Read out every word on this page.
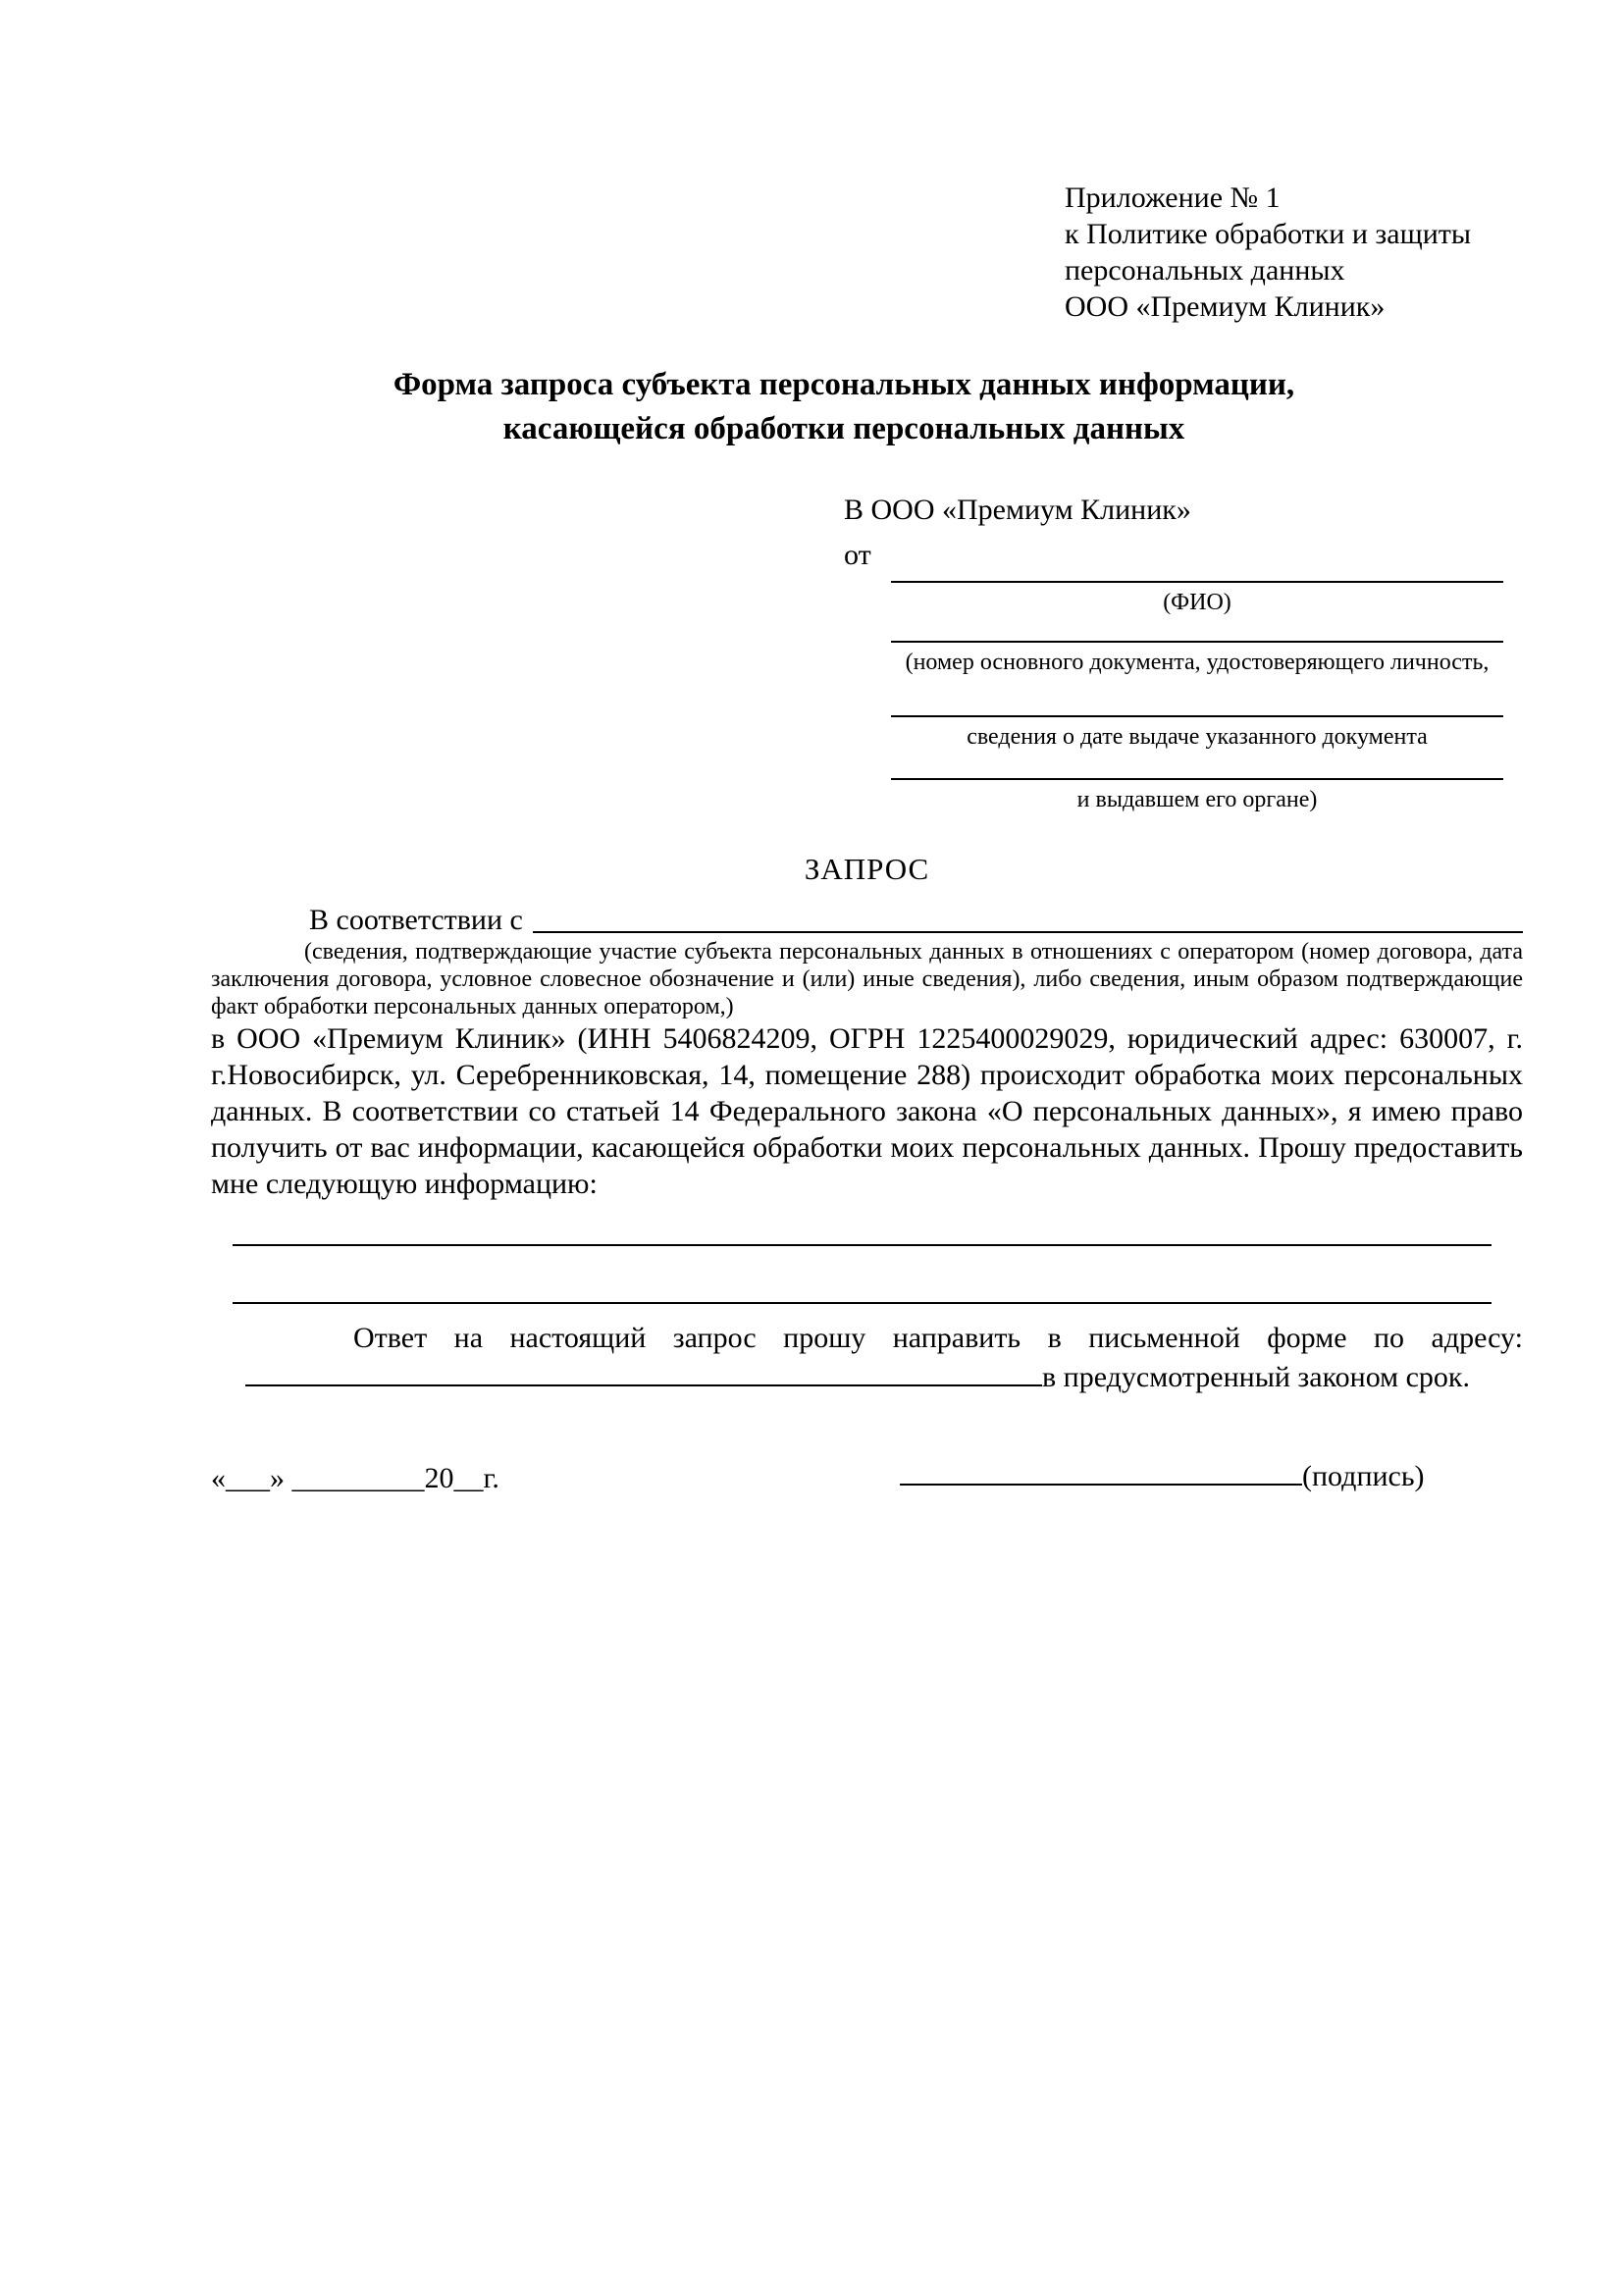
Приложение № 1
к Политике обработки и защиты
персональных данных
ООО «Премиум Клиник»
Форма запроса субъекта персональных данных информации,
касающейся обработки персональных данных
В ООО «Премиум Клиник»
от
(ФИО)
(номер основного документа, удостоверяющего личность,
сведения о дате выдаче указанного документа
и выдавшем его органе)
ЗАПРОС
В соответствии с
(сведения, подтверждающие участие субъекта персональных данных в отношениях с оператором (номер договора, дата заключения договора, условное словесное обозначение и (или) иные сведения), либо сведения, иным образом подтверждающие факт обработки персональных данных оператором,)
в ООО «Премиум Клиник» (ИНН 5406824209, ОГРН 1225400029029, юридический адрес: 630007, г. г.Новосибирск, ул. Серебренниковская, 14, помещение 288) происходит обработка моих персональных данных. В соответствии со статьей 14 Федерального закона «О персональных данных», я имею право получить от вас информации, касающейся обработки моих персональных данных. Прошу предоставить мне следующую информацию:
Ответ на настоящий запрос прошу направить в письменной форме по адресу: в предусмотренный законом срок.
«___» _________20__г.	(подпись)
